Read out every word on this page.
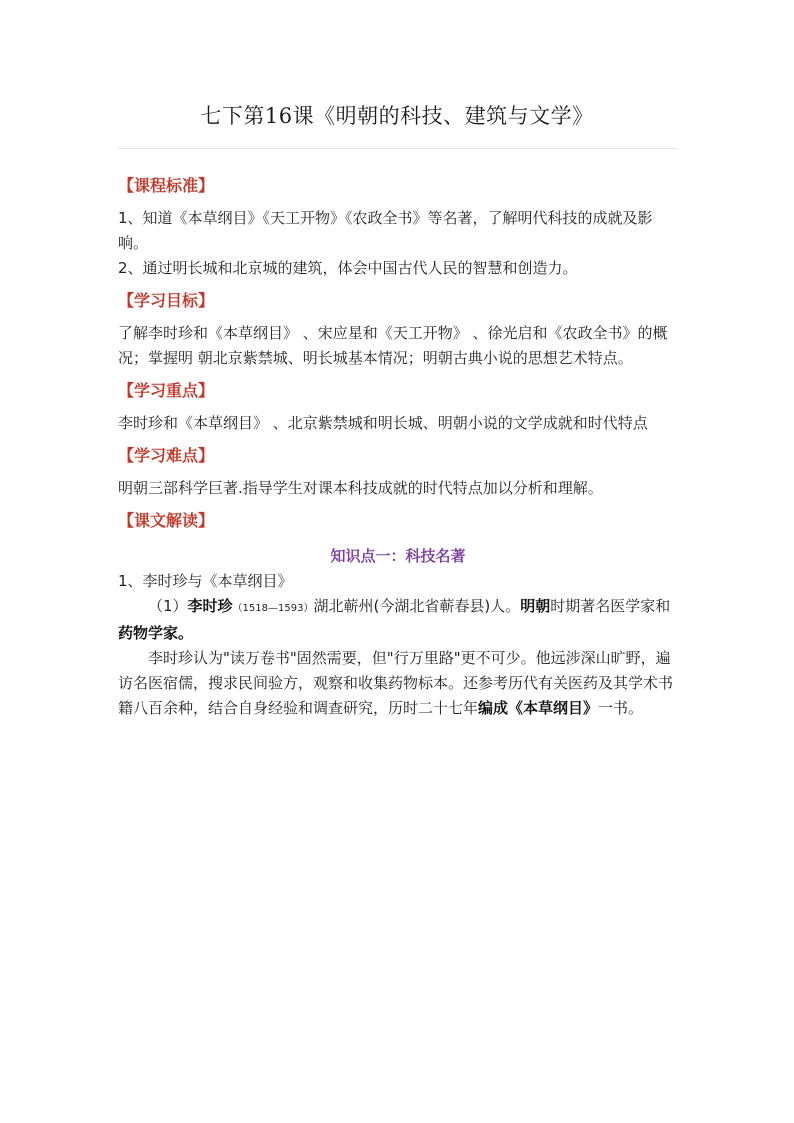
七下第16课《明朝的科技、建筑与文学》

【课程标准】

1、知道《本草纲目》《天工开物》《农政全书》等名著，了解明代科技的成就及影响。

2、通过明长城和北京城的建筑，体会中国古代人民的智慧和创造力。

【学习目标】

了解李时珍和《本草纲目》 、宋应星和《天工开物》 、徐光启和《农政全书》的概况；掌握明 朝北京紫禁城、明长城基本情况；明朝古典小说的思想艺术特点。

【学习重点】

李时珍和《本草纲目》 、北京紫禁城和明长城、明朝小说的文学成就和时代特点

【学习难点】

明朝三部科学巨著.指导学生对课本科技成就的时代特点加以分析和理解。

【课文解读】

知识点一：科技名著

1、李时珍与《本草纲目》

（1）李时珍（1518—1593）湖北蕲州(今湖北省蕲春县)人。明朝时期著名医学家和药物学家。

李时珍认为"读万卷书"固然需要，但"行万里路"更不可少。他远涉深山旷野，遍访名医宿儒，搜求民间验方，观察和收集药物标本。还参考历代有关医药及其学术书籍八百余种，结合自身经验和调查研究，历时二十七年编成《本草纲目》一书。
